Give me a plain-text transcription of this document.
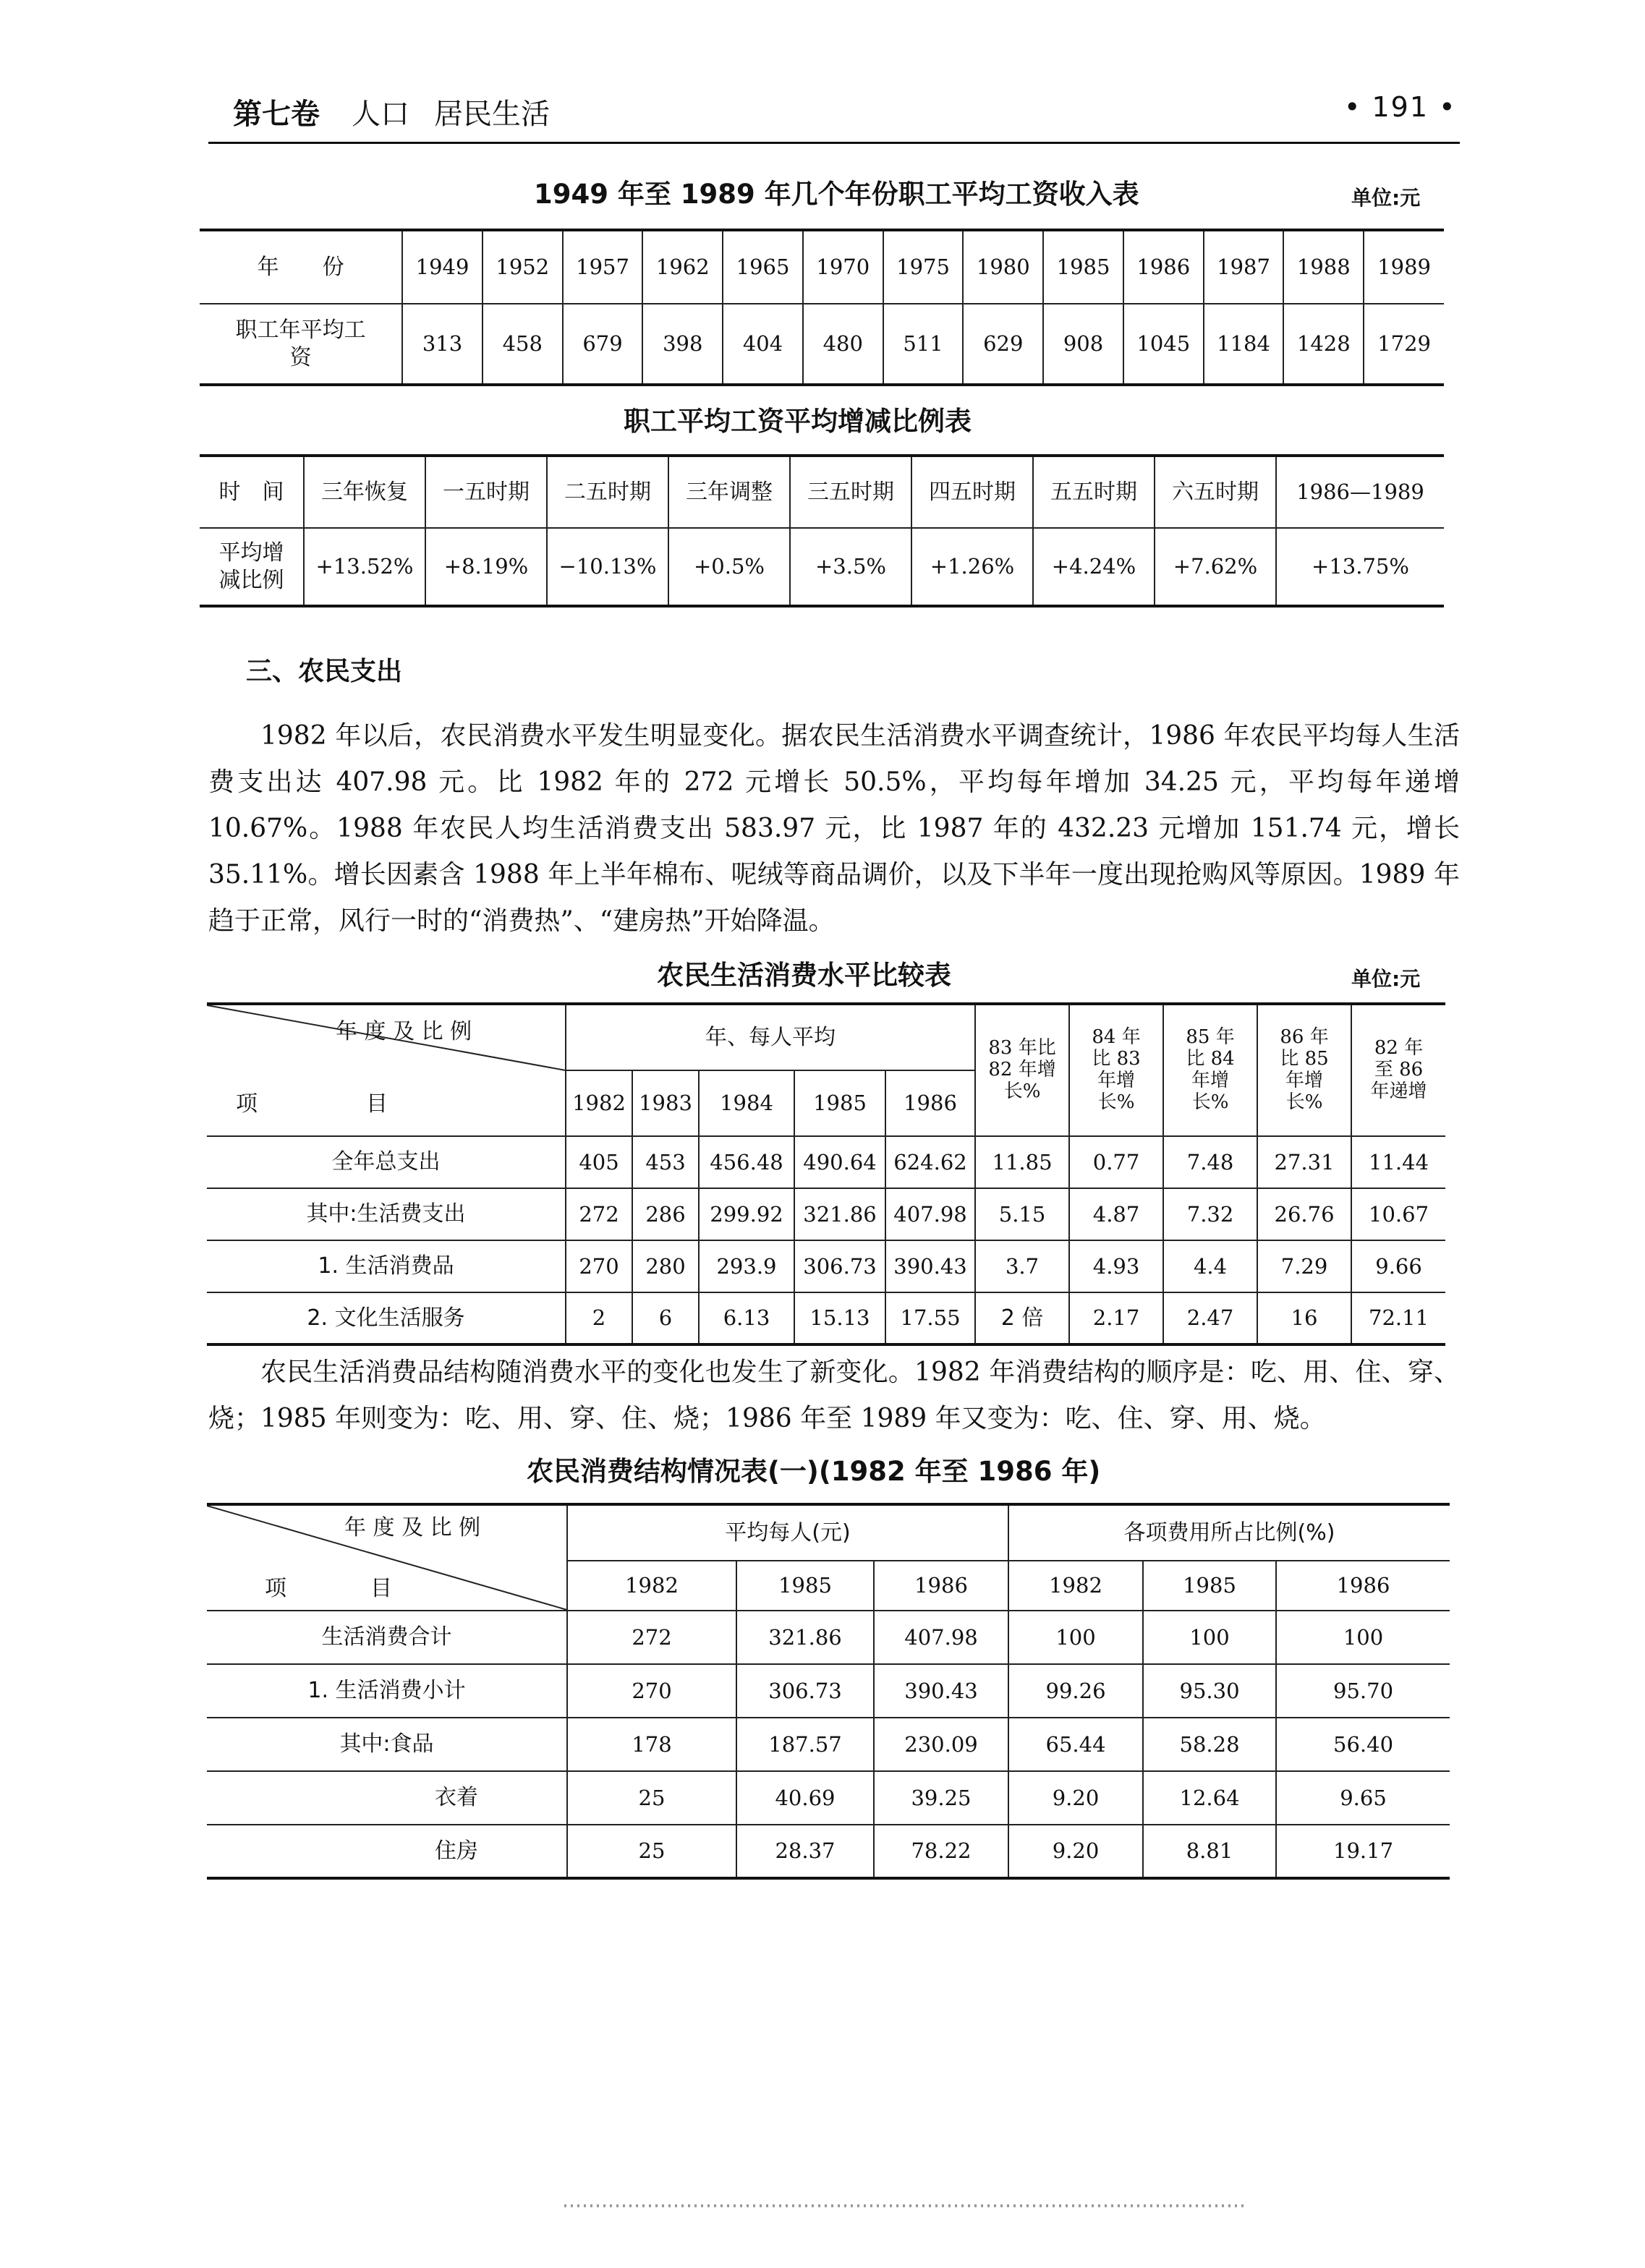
第七卷 人口 居民生活	• 191 •
1949 年至 1989 年几个年份职工平均工资收入表	单位:元
年　　份	1949	1952	1957	1962	1965	1970	1975	1980	1985	1986	1987	1988	1989
职工年平均工资	313	458	679	398	404	480	511	629	908	1045	1184	1428	1729
职工平均工资平均增减比例表
时　间	三年恢复	一五时期	二五时期	三年调整	三五时期	四五时期	五五时期	六五时期	1986—1989
平均增减比例	+13.52%	+8.19%	−10.13%	+0.5%	+3.5%	+1.26%	+4.24%	+7.62%	+13.75%
三、农民支出

1982 年以后，农民消费水平发生明显变化。据农民生活消费水平调查统计，1986 年农民平均每人生活费支出达 407.98 元。比 1982 年的 272 元增长 50.5%，平均每年增加 34.25 元，平均每年递增 10.67%。1988 年农民人均生活消费支出 583.97 元，比 1987 年的 432.23 元增加 151.74 元，增长 35.11%。增长因素含 1988 年上半年棉布、呢绒等商品调价，以及下半年一度出现抢购风等原因。1989 年趋于正常，风行一时的“消费热”、“建房热”开始降温。

农民生活消费水平比较表	单位:元
年 度 及 比 例
项 目	年、每人平均					83 年比 82 年增长%	84 年比 83 年增长%	85 年比 84 年增长%	86 年比 85 年增长%	82 年至 86 年递增
	1982	1983	1984	1985	1986					
全年总支出	405	453	456.48	490.64	624.62	11.85	0.77	7.48	27.31	11.44
其中:生活费支出	272	286	299.92	321.86	407.98	5.15	4.87	7.32	26.76	10.67
1. 生活消费品	270	280	293.9	306.73	390.43	3.7	4.93	4.4	7.29	9.66
2. 文化生活服务	2	6	6.13	15.13	17.55	2 倍	2.17	2.47	16	72.11

农民生活消费品结构随消费水平的变化也发生了新变化。1982 年消费结构的顺序是：吃、用、住、穿、烧；1985 年则变为：吃、用、穿、住、烧；1986 年至 1989 年又变为：吃、住、穿、用、烧。

农民消费结构情况表(一)(1982 年至 1986 年)
年 度 及 比 例
项 目	平均每人(元)			各项费用所占比例(%)		
	1982	1985	1986	1982	1985	1986
生活消费合计	272	321.86	407.98	100	100	100
1. 生活消费小计	270	306.73	390.43	99.26	95.30	95.70
其中:食品	178	187.57	230.09	65.44	58.28	56.40
衣着	25	40.69	39.25	9.20	12.64	9.65
住房	25	28.37	78.22	9.20	8.81	19.17
